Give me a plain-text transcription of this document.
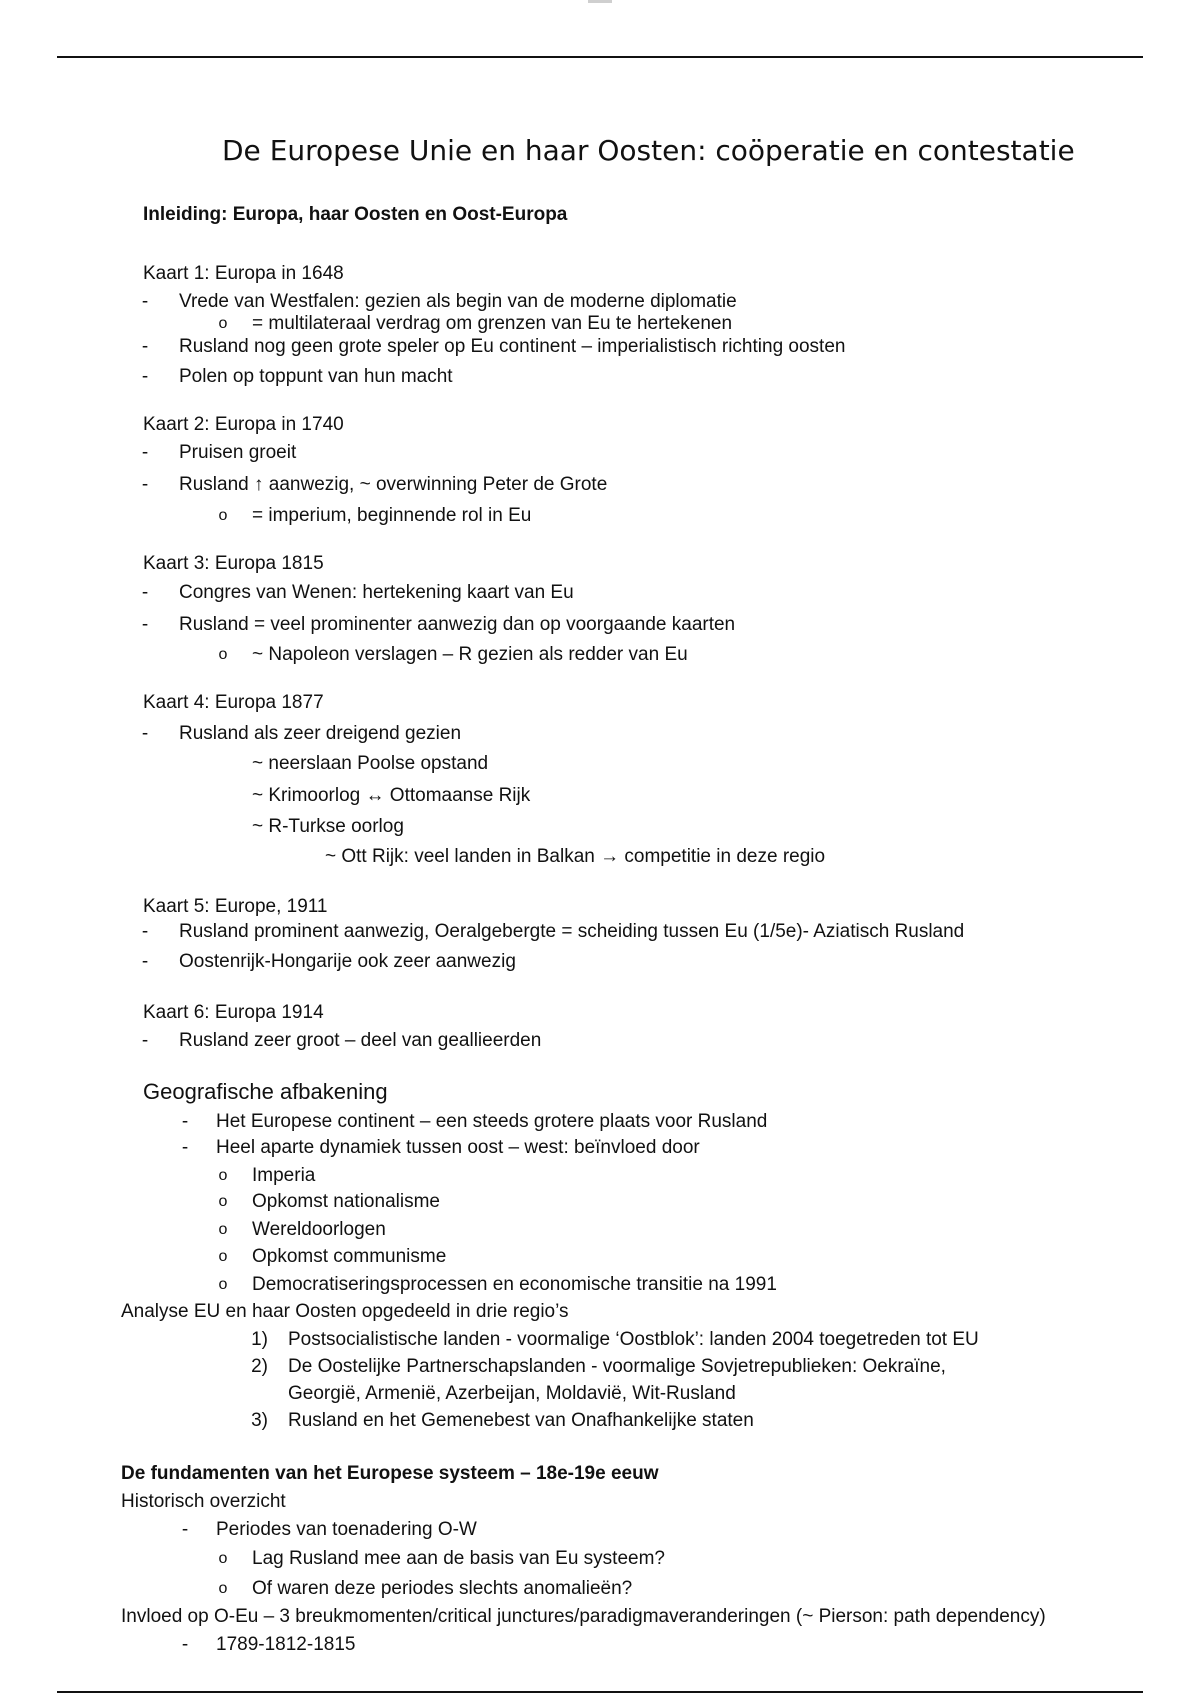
De Europese Unie en haar Oosten: coöperatie en contestatie
Inleiding: Europa, haar Oosten en Oost-Europa
Kaart 1: Europa in 1648
- Vrede van Westfalen: gezien als begin van de moderne diplomatie
o = multilateraal verdrag om grenzen van Eu te hertekenen
- Rusland nog geen grote speler op Eu continent – imperialistisch richting oosten
- Polen op toppunt van hun macht
Kaart 2: Europa in 1740
- Pruisen groeit
- Rusland ↑ aanwezig, ~ overwinning Peter de Grote
o = imperium, beginnende rol in Eu
Kaart 3: Europa 1815
- Congres van Wenen: hertekening kaart van Eu
- Rusland = veel prominenter aanwezig dan op voorgaande kaarten
o ~ Napoleon verslagen – R gezien als redder van Eu
Kaart 4: Europa 1877
- Rusland als zeer dreigend gezien
~ neerslaan Poolse opstand
~ Krimoorlog ↔ Ottomaanse Rijk
~ R-Turkse oorlog
~ Ott Rijk: veel landen in Balkan → competitie in deze regio
Kaart 5: Europe, 1911
- Rusland prominent aanwezig, Oeralgebergte = scheiding tussen Eu (1/5e)- Aziatisch Rusland
- Oostenrijk-Hongarije ook zeer aanwezig
Kaart 6: Europa 1914
- Rusland zeer groot – deel van geallieerden
Geografische afbakening
- Het Europese continent – een steeds grotere plaats voor Rusland
- Heel aparte dynamiek tussen oost – west: beïnvloed door
o Imperia
o Opkomst nationalisme
o Wereldoorlogen
o Opkomst communisme
o Democratiseringsprocessen en economische transitie na 1991
Analyse EU en haar Oosten opgedeeld in drie regio’s
1) Postsocialistische landen - voormalige ‘Oostblok’: landen 2004 toegetreden tot EU
2) De Oostelijke Partnerschapslanden - voormalige Sovjetrepublieken: Oekraïne,
Georgië, Armenië, Azerbeijan, Moldavië, Wit-Rusland
3) Rusland en het Gemenebest van Onafhankelijke staten
De fundamenten van het Europese systeem – 18e-19e eeuw
Historisch overzicht
- Periodes van toenadering O-W
o Lag Rusland mee aan de basis van Eu systeem?
o Of waren deze periodes slechts anomalieën?
Invloed op O-Eu – 3 breukmomenten/critical junctures/paradigmaveranderingen (~ Pierson: path dependency)
- 1789-1812-1815
